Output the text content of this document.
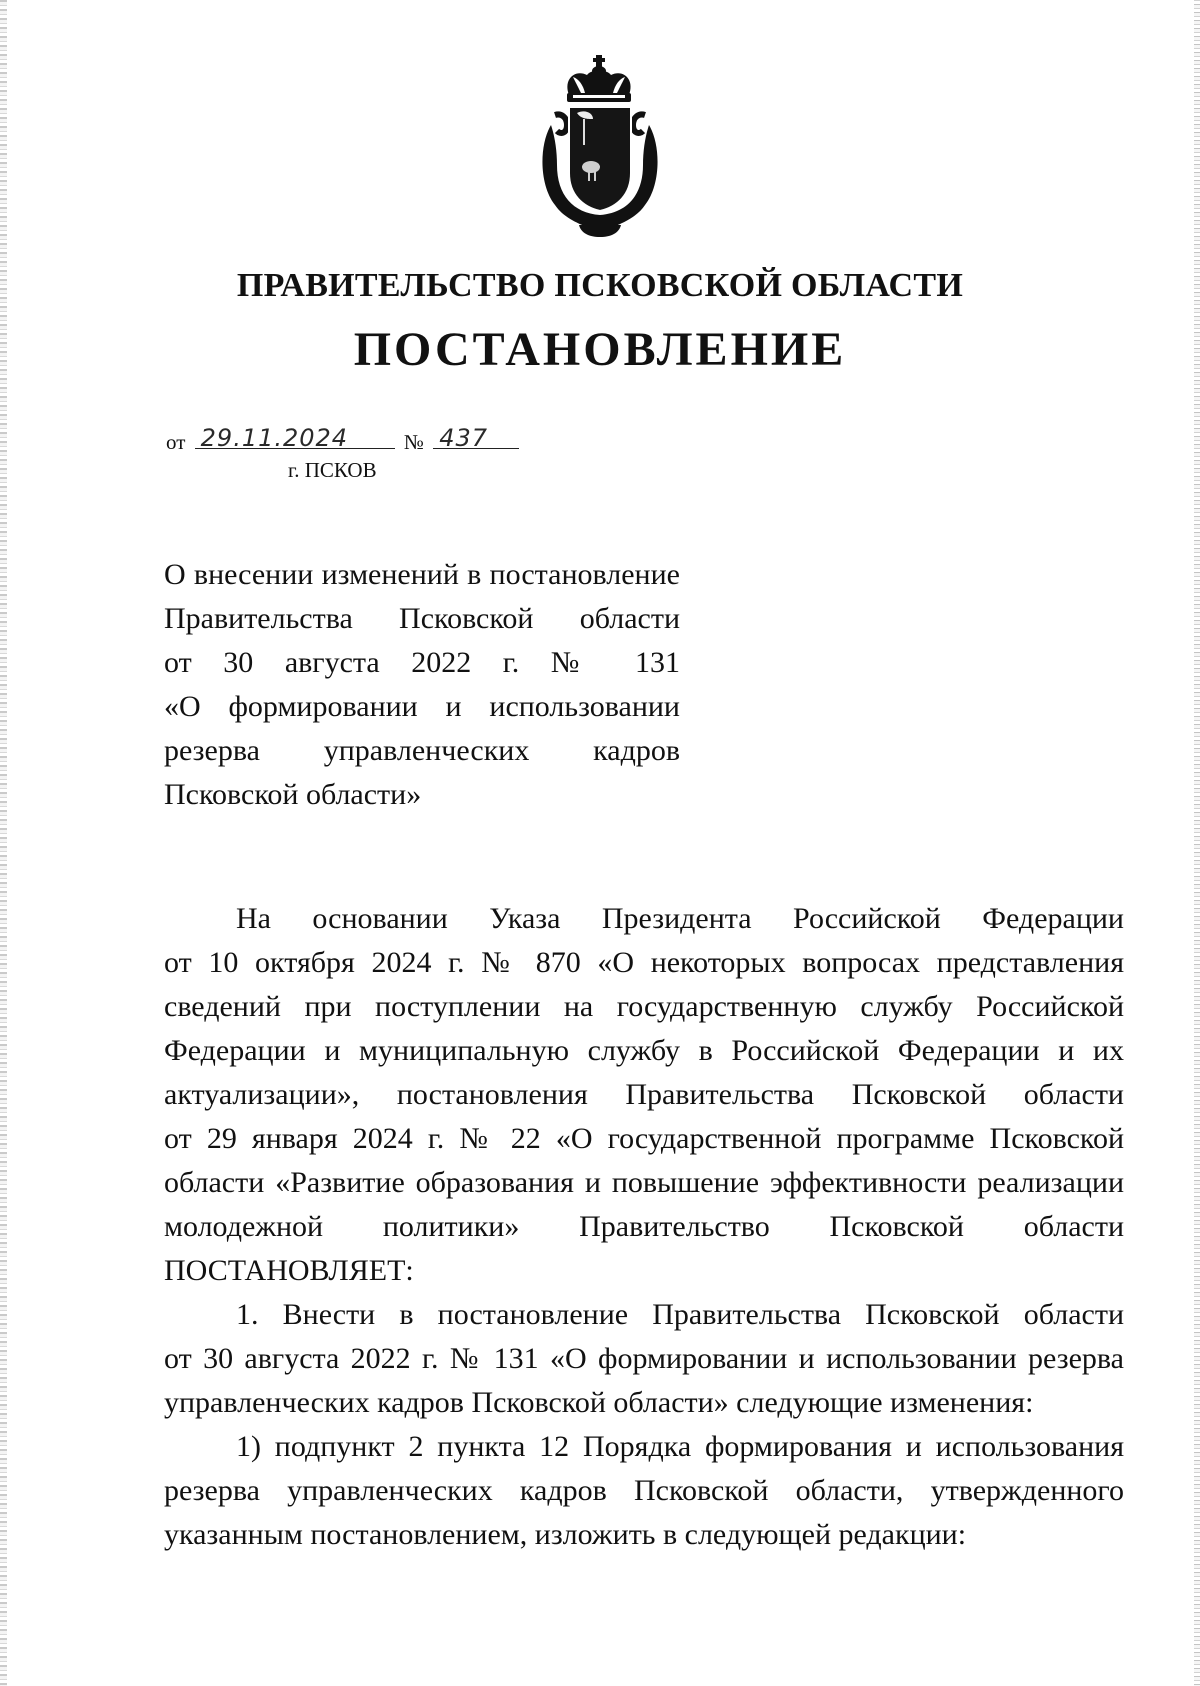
ПРАВИТЕЛЬСТВО ПСКОВСКОЙ ОБЛАСТИ
ПОСТАНОВЛЕНИЕ
от 29.11.2024	№ 437
г. ПСКОВ

О внесении изменений в постановление

Правительства Псковской области

от 30 августа 2022 г. № 131

«О формировании и использовании

резерва управленческих кадров

Псковской области»

На основании Указа Президента Российской Федерации

от 10 октября 2024 г. № 870 «О некоторых вопросах представления

сведений при поступлении на государственную службу Российской

Федерации и муниципальную службу в Российской Федерации и их

актуализации», постановления Правительства Псковской области

от 29 января 2024 г. № 22 «О государственной программе Псковской

области «Развитие образования и повышение эффективности реализации

молодежной политики» Правительство Псковской области

ПОСТАНОВЛЯЕТ:

1. Внести в постановление Правительства Псковской области

от 30 августа 2022 г. № 131 «О формировании и использовании резерва

управленческих кадров Псковской области» следующие изменения:

1) подпункт 2 пункта 12 Порядка формирования и использования

резерва управленческих кадров Псковской области, утвержденного

указанным постановлением, изложить в следующей редакции:
